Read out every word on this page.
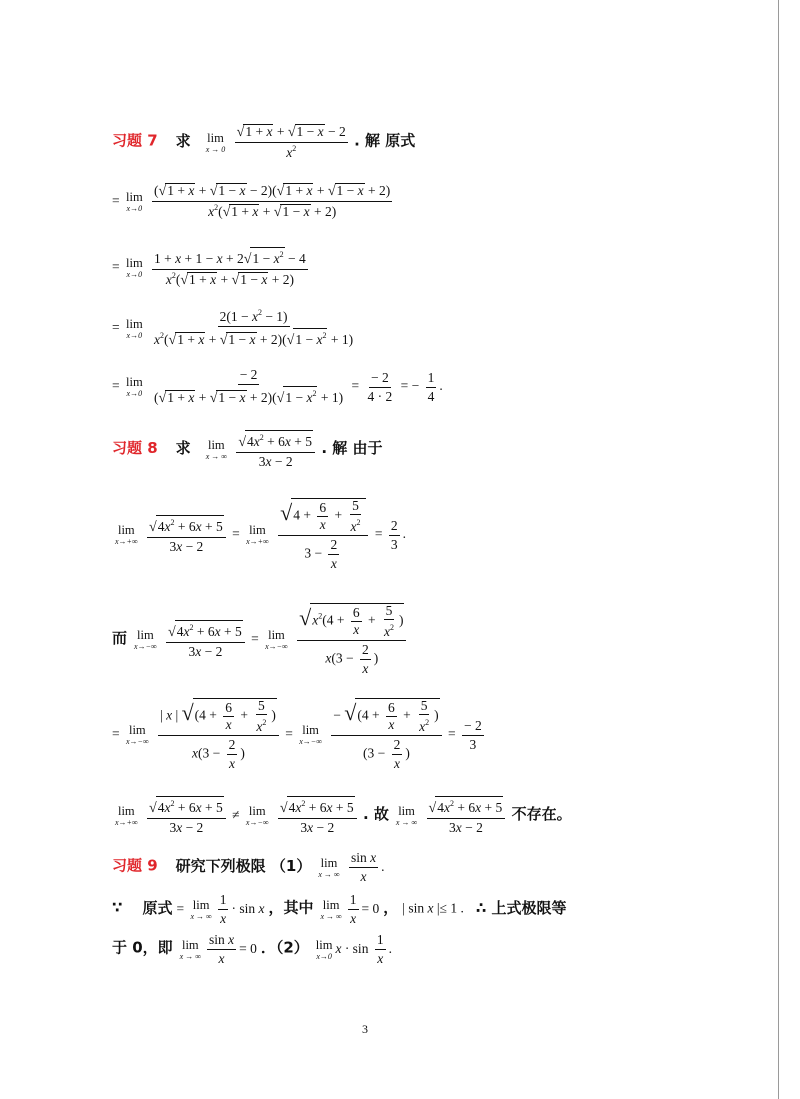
习题 7 求 lim
x → 0
$\frac{√1 + x + √1 - x - 2}{x^2}$ . 解 原式
= lim
x→0
$\frac{(√1 + x + √1 - x - 2)(√1 + x + √1 - x + 2)}{x^2(√1 + x + √1 - x + 2)}$
= lim
x→0
$\frac{1 + x + 1 - x + 2√1 - x^2 - 4}{x^2(√1 + x + √1 - x + 2)}$
= lim
x→0
$\frac{2(1 - x^2 - 1)}{x^2(√1 + x + √1 - x + 2)(√1 - x^2 + 1)}$
= lim
x→0
$\frac{- 2}{(√1 + x + √1 - x + 2)(√1 - x^2 + 1)} = \frac{- 2}{4 \cdot 2}$ = − $\frac{1}{4}$ .
习题 8 求 lim
x → ∞
$\frac{√4x^2 + 6x + 5}{3x - 2}$ . 解 由于
lim
x→+∞
$\frac{√4x^2 + 6x + 5}{3x - 2} = \lim$
x→+∞
$\frac{√4 + \frac{6}{x} + \frac{5}{x^2}}{3 - \frac{2}{x}} = \frac{2}{3}$ .
而 lim
x→−∞
$\frac{√4x^2 + 6x + 5}{3x - 2} = \lim$
x→−∞
$\frac{√x^2(4 + \frac{6}{x} + \frac{5}{x^2} )}{x(3 - \frac{2}{x} )}$
= lim
x→−∞
$\frac{| x | √(4 + \frac{6}{x} + \frac{5}{x^2} )}{x(3 - \frac{2}{x} )} = \lim$
x→−∞
$\frac{- √(4 + \frac{6}{x} + \frac{5}{x^2} )}{(3 - \frac{2}{x} )} = \frac{- 2}{3}$
lim
x→+∞
$\frac{√4x^2 + 6x + 5}{3x - 2} \ne \lim$
x→−∞
$\frac{√4x^2 + 6x + 5}{3x - 2}$ . 故 lim
x → ∞
$\frac{√4x^2 + 6x + 5}{3x - 2}$ 不存在。
习题 9 研究下列极限 （1） lim
x → ∞
$\frac{\text{sin x}}{x}$ .
∵ 原式 = lim
x → ∞ $\frac{1}{x} \cdot \sin x$ ，其中 lim
x → ∞ $\frac{1}{x} = 0$ ， | sin x |≤ 1 . ∴ 上式极限等
于 0，即 lim
x → ∞ $\frac{\text{sin x}}{x} = 0$ ．（2） lim
x→0
$x \cdot \sin \frac{1}{x}$ .
3
